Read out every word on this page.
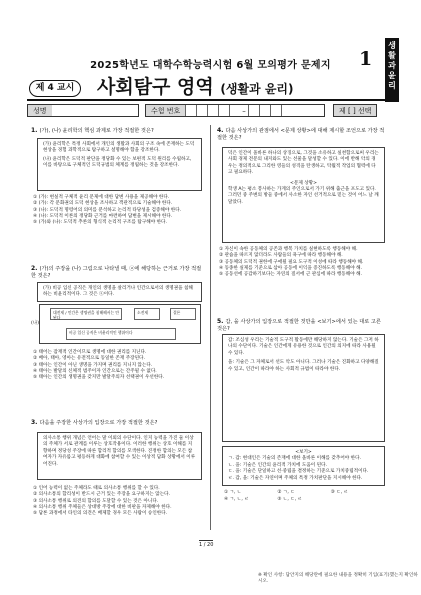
생활과 윤리
2025학년도 대학수학능력시험 6월 모의평가 문제지	1
제 4 교시	사회탐구 영역 (생활과 윤리)
성명	수험 번호	–	제 [ ] 선택
1. (가), (나) 윤리학의 핵심 과제로 가장 적절한 것은?
(가) 윤리학은 특정 사회에서 개인의 생활과 사회의 구조 속에 존재하는 도덕 현상을 경험 과학적으로 탐구하고 설명해야 함을 강조한다.
(나) 윤리학은 도덕적 판단을 정당화 수 있는 보편적 도덕 원리를 수립하고, 이를 바탕으로 구체적인 도덕규범의 체계를 정립하는 것을 강조한다.
① (가): 현실적 구체적 윤리 문제에 대한 답변 사용을 제공해야 한다.
② (가): 각 문화권의 도덕 현상을 조사하고 객관적으로 기술해야 한다.
③ (나): 도덕적 명령어의 의미를 분석하고 논리적 타당성을 검증해야 한다.
④ (나): 도덕적 이론의 정당화 근거를 마련하여 답변을 제시해야 한다.
⑤ (가)와 (나): 도덕적 추론의 형식적 논리적 구조를 탐구해야 한다.
2. (가)의 주장을 (나) 그림으로 나타낼 때, ⓐ에 해당하는 근거로 가장 적절한 것은?
(가) 비공 입신 공직은 개인의 생명을 살리거나 인간으로서의 생명권을 침해하는 비윤리적이다. 그 것은 ⓐ이다.
(나)
대전제 / 인간은 생명권을 침해해서는 안 된다
소전제	결론
비공 입신 공직은 비윤리적인 행위이다
① 태어는 잠재적 인간이므로 생명에 대한 권리를 지닌다.
② 배아, 태아, 영아는 유전적으로 동일한 존재 주장된다.
③ 태아는 인간이 아닌 생명을 가지며 권리를 지니지 않는다.
④ 태아는 발달의 신체적 범주이자 인간으로는 간주될 수 없다.
⑤ 태아는 인간의 생명권을 갖지만 발달주의자 선택권이 우선한다.
3. 다음을 주장한 사상가의 입장으로 가장 적절한 것은?
의사소통 행위 개념은 언어는 말 이외의 수단이다. 인지 능력을 가진 둘 이상의 주체가 서로 관계를 이루는 상호작용이다. 이러한 행위는 상호 이해를 지향하며 정당성 주장에 따른 합리적 합의를 모색한다. 진정한 합의는 모든 참여자가 자유롭고 평등하게 대화에 참여할 수 있는 이상적 담화 상황에서 이루어진다.
① 인어 능력이 없는 주체라도 때로 의사소통 행위를 할 수 있다.
② 의사소통의 합리성이 반드시 근거 있는 주장을 요구하지는 않는다.
③ 의사소통 행위로 의견의 합의를 도달할 수 있는 것은 아니다.
④ 의사소통 행위 주체들은 상대방 주장에 대한 비판을 자제해야 한다.
⑤ 담론 과정에서 타인의 의견은 배제할 경우 모든 사람이 승인한다.
4. 다음 사상가의 관점에서 <문제 상황>에 대해 제시할 조언으로 가장 적절한 것은?
덕은 인간이 올바른 하나의 상징으로, 그것을 소유하고 실천함으로써 우리는 사회 경제 전문의 내지와도 있는 선물을 달성할 수 있다. 이에 반해 악의 경우는 정의적으로 그리한 영들의 성격을 탄생하고, 탁월적 작업의 협력에 다고 필요하다.
<문제 상황>
학생 A는 평소 봉사하는 가게의 주인으로서 가기 위해 출근을 포도고 있다. 그러던 중 주변의 방들 중에서 사소한 자인 선거적으로 믿는 것이 어느 날 깨달았다.
① 자신이 속한 공동체의 공존과 행복 가치를 실현하도록 행동해야 해.
② 관습을 따르지 않더라도 사람들의 욕구에 따라 행동해야 해.
③ 공동체의 도덕적 권한에 구애될 필요 도구적 이성에 따라 행동해야 해.
④ 동종한 실제를 기준으로 삼아 공동에 이익을 증진하도록 행동해야 해.
⑤ 공동선에 공감하기보다는 자연의 질서에 근 관심에 따라 행동해야 해.
5. 갑, 을 사상가의 입장으로 적절한 것만을 <보기>에서 있는 대로 고른 것은?
갑: 조심성 우리는 기술적 도구적 활동에만 해당하지 않는다. 기술은 그저 하나의 수단이다. 기술은 인간에게 유용한 것으로 인간의 의지에 따라 사용될 수 있다.
을: 기술은 그 자체로서 선도 악도 아니다. 그러나 기술은 진화하고 다양해질 수 있고, 인간이 따라야 하는 사회적 규범이 따라야 한다.
<보기>
ㄱ. 갑: 현대인은 기술의 존재에 대한 올바른 이해를 갖추어야 한다.
ㄴ. 을: 기술은 인간의 윤리적 가치에 도움이 된다.
ㄷ. 을: 기술은 단일하고 선·중립을 결정하는 기준으로 가치중립적이다.
ㄹ. 갑, 을: 기술은 자연이며 주체의 특정 가치판단을 지시해야 한다.
① ㄱ, ㄴ	② ㄱ, ㄷ	③ ㄷ, ㄹ
④ ㄱ, ㄴ, ㄹ	⑤ ㄴ, ㄷ, ㄹ
1 / 20
※ 확인 사항: 답안지의 해당란에 필요한 내용을 정확히 기입(표기)했는지 확인하시오.
